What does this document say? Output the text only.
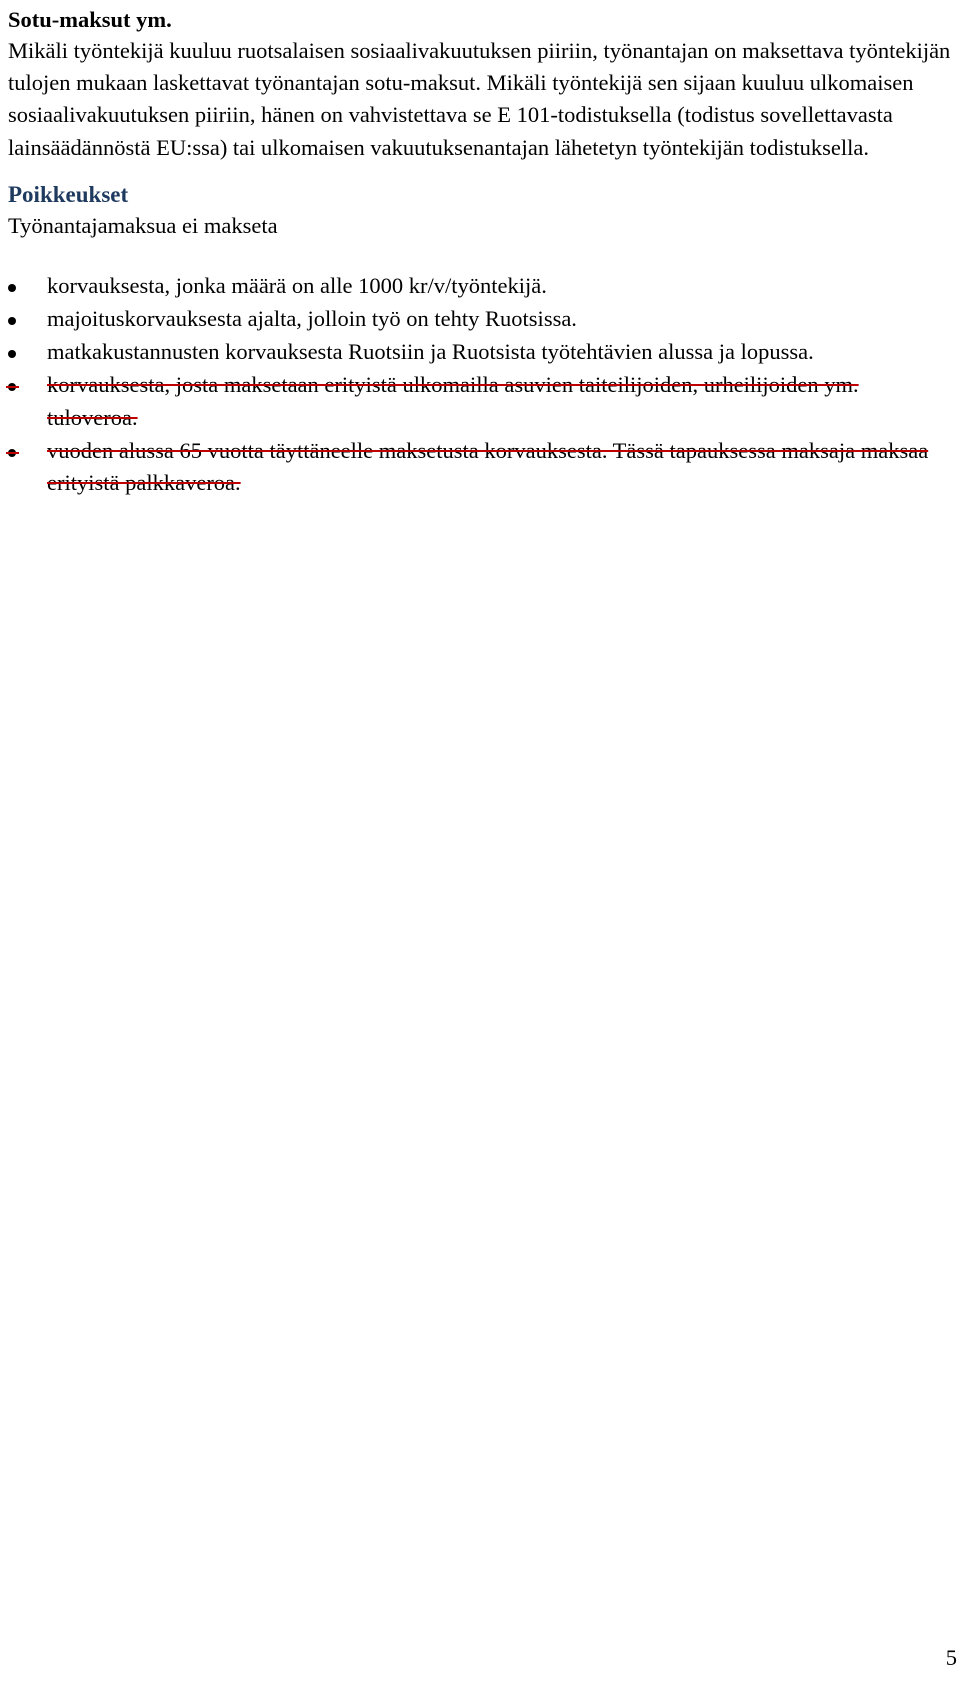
Sotu-maksut ym.

Mikäli työntekijä kuuluu ruotsalaisen sosiaalivakuutuksen piiriin, työnantajan on maksettava työntekijän tulojen mukaan laskettavat työnantajan sotu-maksut. Mikäli työntekijä sen sijaan kuuluu ulkomaisen sosiaalivakuutuksen piiriin, hänen on vahvistettava se E 101-todistuksella (todistus sovellettavasta lainsäädännöstä EU:ssa) tai ulkomaisen vakuutuksenantajan lähetetyn työntekijän todistuksella.

Poikkeukset

Työnantajamaksua ei makseta

korvauksesta, jonka määrä on alle 1000 kr/v/työntekijä.
majoituskorvauksesta ajalta, jolloin työ on tehty Ruotsissa.
matkakustannusten korvauksesta Ruotsiin ja Ruotsista työtehtävien alussa ja lopussa.
korvauksesta, josta maksetaan erityistä ulkomailla asuvien taiteilijoiden, urheilijoiden ym. tuloveroa.
vuoden alussa 65 vuotta täyttäneelle maksetusta korvauksesta. Tässä tapauksessa maksaja maksaa erityistä palkkaveroa.
5
